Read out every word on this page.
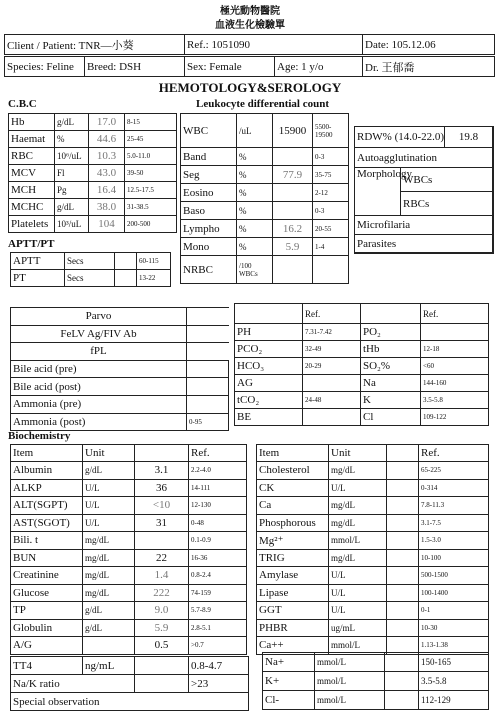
極光動物醫院
血液生化檢驗單
Client / Patient: TNR—小葵	Ref.: 1051090	Date: 105.12.06
Species: Feline	Breed: DSH	Sex: Female	Age: 1 y/o	Dr. 王郁喬
HEMOTOLOGY&SEROLOGY
C.B.C	Leukocyte differential count
Hb	g/dL	17.0	8-15
Haemat	%	44.6	25-45
RBC	10⁶/uL	10.3	5.0-11.0
MCV	Fl	43.0	39-50
MCH	Pg	16.4	12.5-17.5
MCHC	g/dL	38.0	31-38.5
Platelets	10³/uL	104	200-500
WBC	/uL	15900	5500-
19500

Band	%		0-3
Seg	%	77.9	35-75
Eosino	%		2-12
Baso	%		0-3
Lympho	%	16.2	20-55
Mono	%	5.9	1-4
NRBC	/100
WBCs		

RDW% (14.0-22.0)		19.8
Autoagglutination		
Morphology	WBCs	
	RBCs	
Microfilaria		
Parasites		
APTT/PT
APTT	Secs		60-115
PT	Secs		13-22
Parvo	
FeLV Ag/FIV Ab	
fPL	
Bile acid (pre)	
Bile acid (post)	
Ammonia (pre)	
Ammonia (post)	0-95
	Ref.		Ref.
PH	7.31-7.42	PO₂	
PCO₂	32-49	tHb	12-18
HCO₃	20-29	SO₂%	<60
AG		Na	144-160
tCO₂	24-48	K	3.5-5.8
BE		Cl	109-122
Biochemistry
Item	Unit		Ref.
Albumin	g/dL	3.1	2.2-4.0
ALKP	U/L	36	14-111
ALT(SGPT)	U/L	<10	12-130
AST(SGOT)	U/L	31	0-48
Bili. t	mg/dL		0.1-0.9
BUN	mg/dL	22	16-36
Creatinine	mg/dL	1.4	0.8-2.4
Glucose	mg/dL	222	74-159
TP	g/dL	9.0	5.7-8.9
Globulin	g/dL	5.9	2.8-5.1
A/G		0.5	>0.7
Item	Unit		Ref.
Cholesterol	mg/dL		65-225
CK	U/L		0-314
Ca	mg/dL		7.8-11.3
Phosphorous	mg/dL		3.1-7.5
Mg²⁺	mmol/L		1.5-3.0
TRIG	mg/dL		10-100
Amylase	U/L		500-1500
Lipase	U/L		100-1400
GGT	U/L		0-1
PHBR	ug/mL		10-30
Ca++	mmol/L		1.13-1.38
TT4	ng/mL		0.8-4.7
Na/K ratio			>23
Special observation			
Na+	mmol/L		150-165
K+	mmol/L		3.5-5.8
Cl-	mmol/L		112-129
